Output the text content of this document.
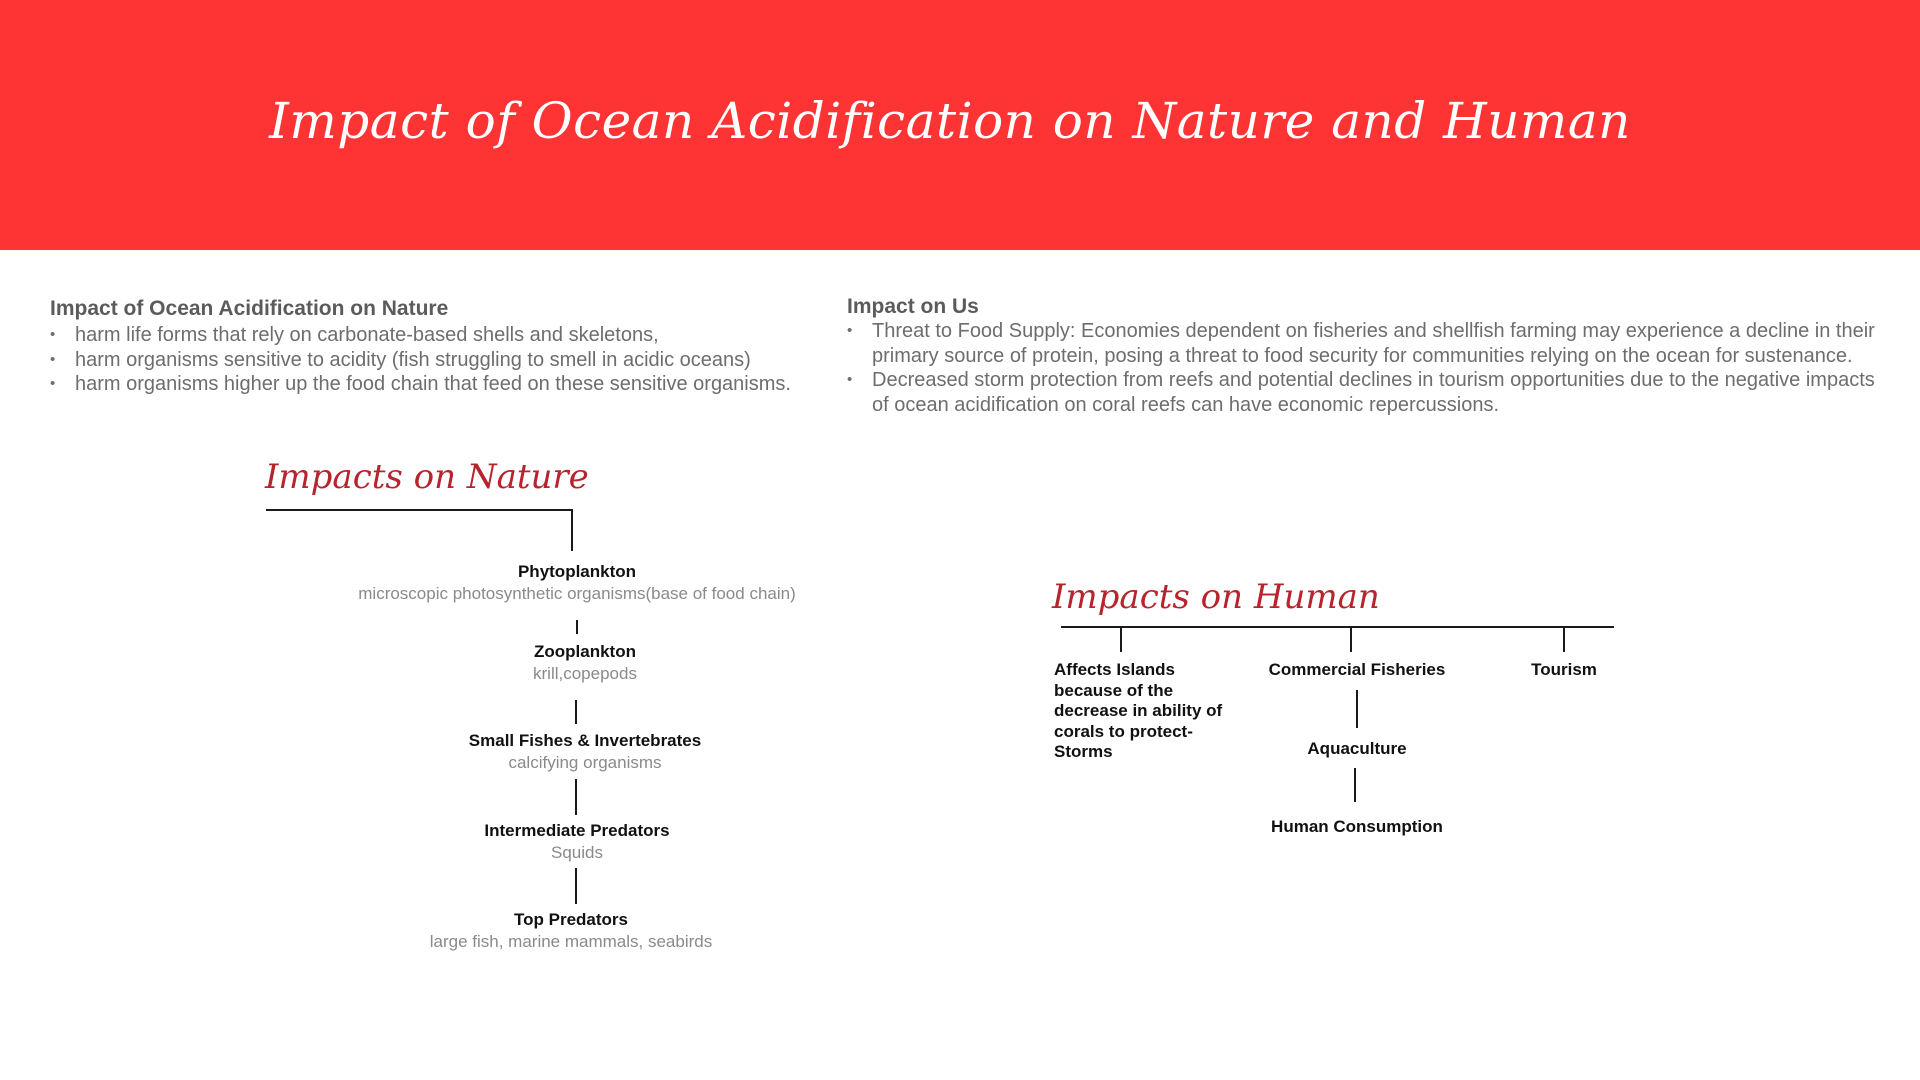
Impact of Ocean Acidification on Nature and Human
Impact of Ocean Acidification on Nature
• harm life forms that rely on carbonate-based shells and skeletons,
• harm organisms sensitive to acidity (fish struggling to smell in acidic oceans)
• harm organisms higher up the food chain that feed on these sensitive organisms.
Impact on Us
• Threat to Food Supply: Economies dependent on fisheries and shellfish farming may experience a decline in their primary source of protein, posing a threat to food security for communities relying on the ocean for sustenance.
• Decreased storm protection from reefs and potential declines in tourism opportunities due to the negative impacts of ocean acidification on coral reefs can have economic repercussions.
Impacts on Nature
Phytoplankton
microscopic photosynthetic organisms(base of food chain)
Zooplankton
krill,copepods
Small Fishes & Invertebrates
calcifying organisms
Intermediate Predators
Squids
Top Predators
large fish, marine mammals, seabirds
Impacts on Human
Affects Islands because of the decrease in ability of corals to protect-Storms
Commercial Fisheries	Tourism
Aquaculture
Human Consumption
